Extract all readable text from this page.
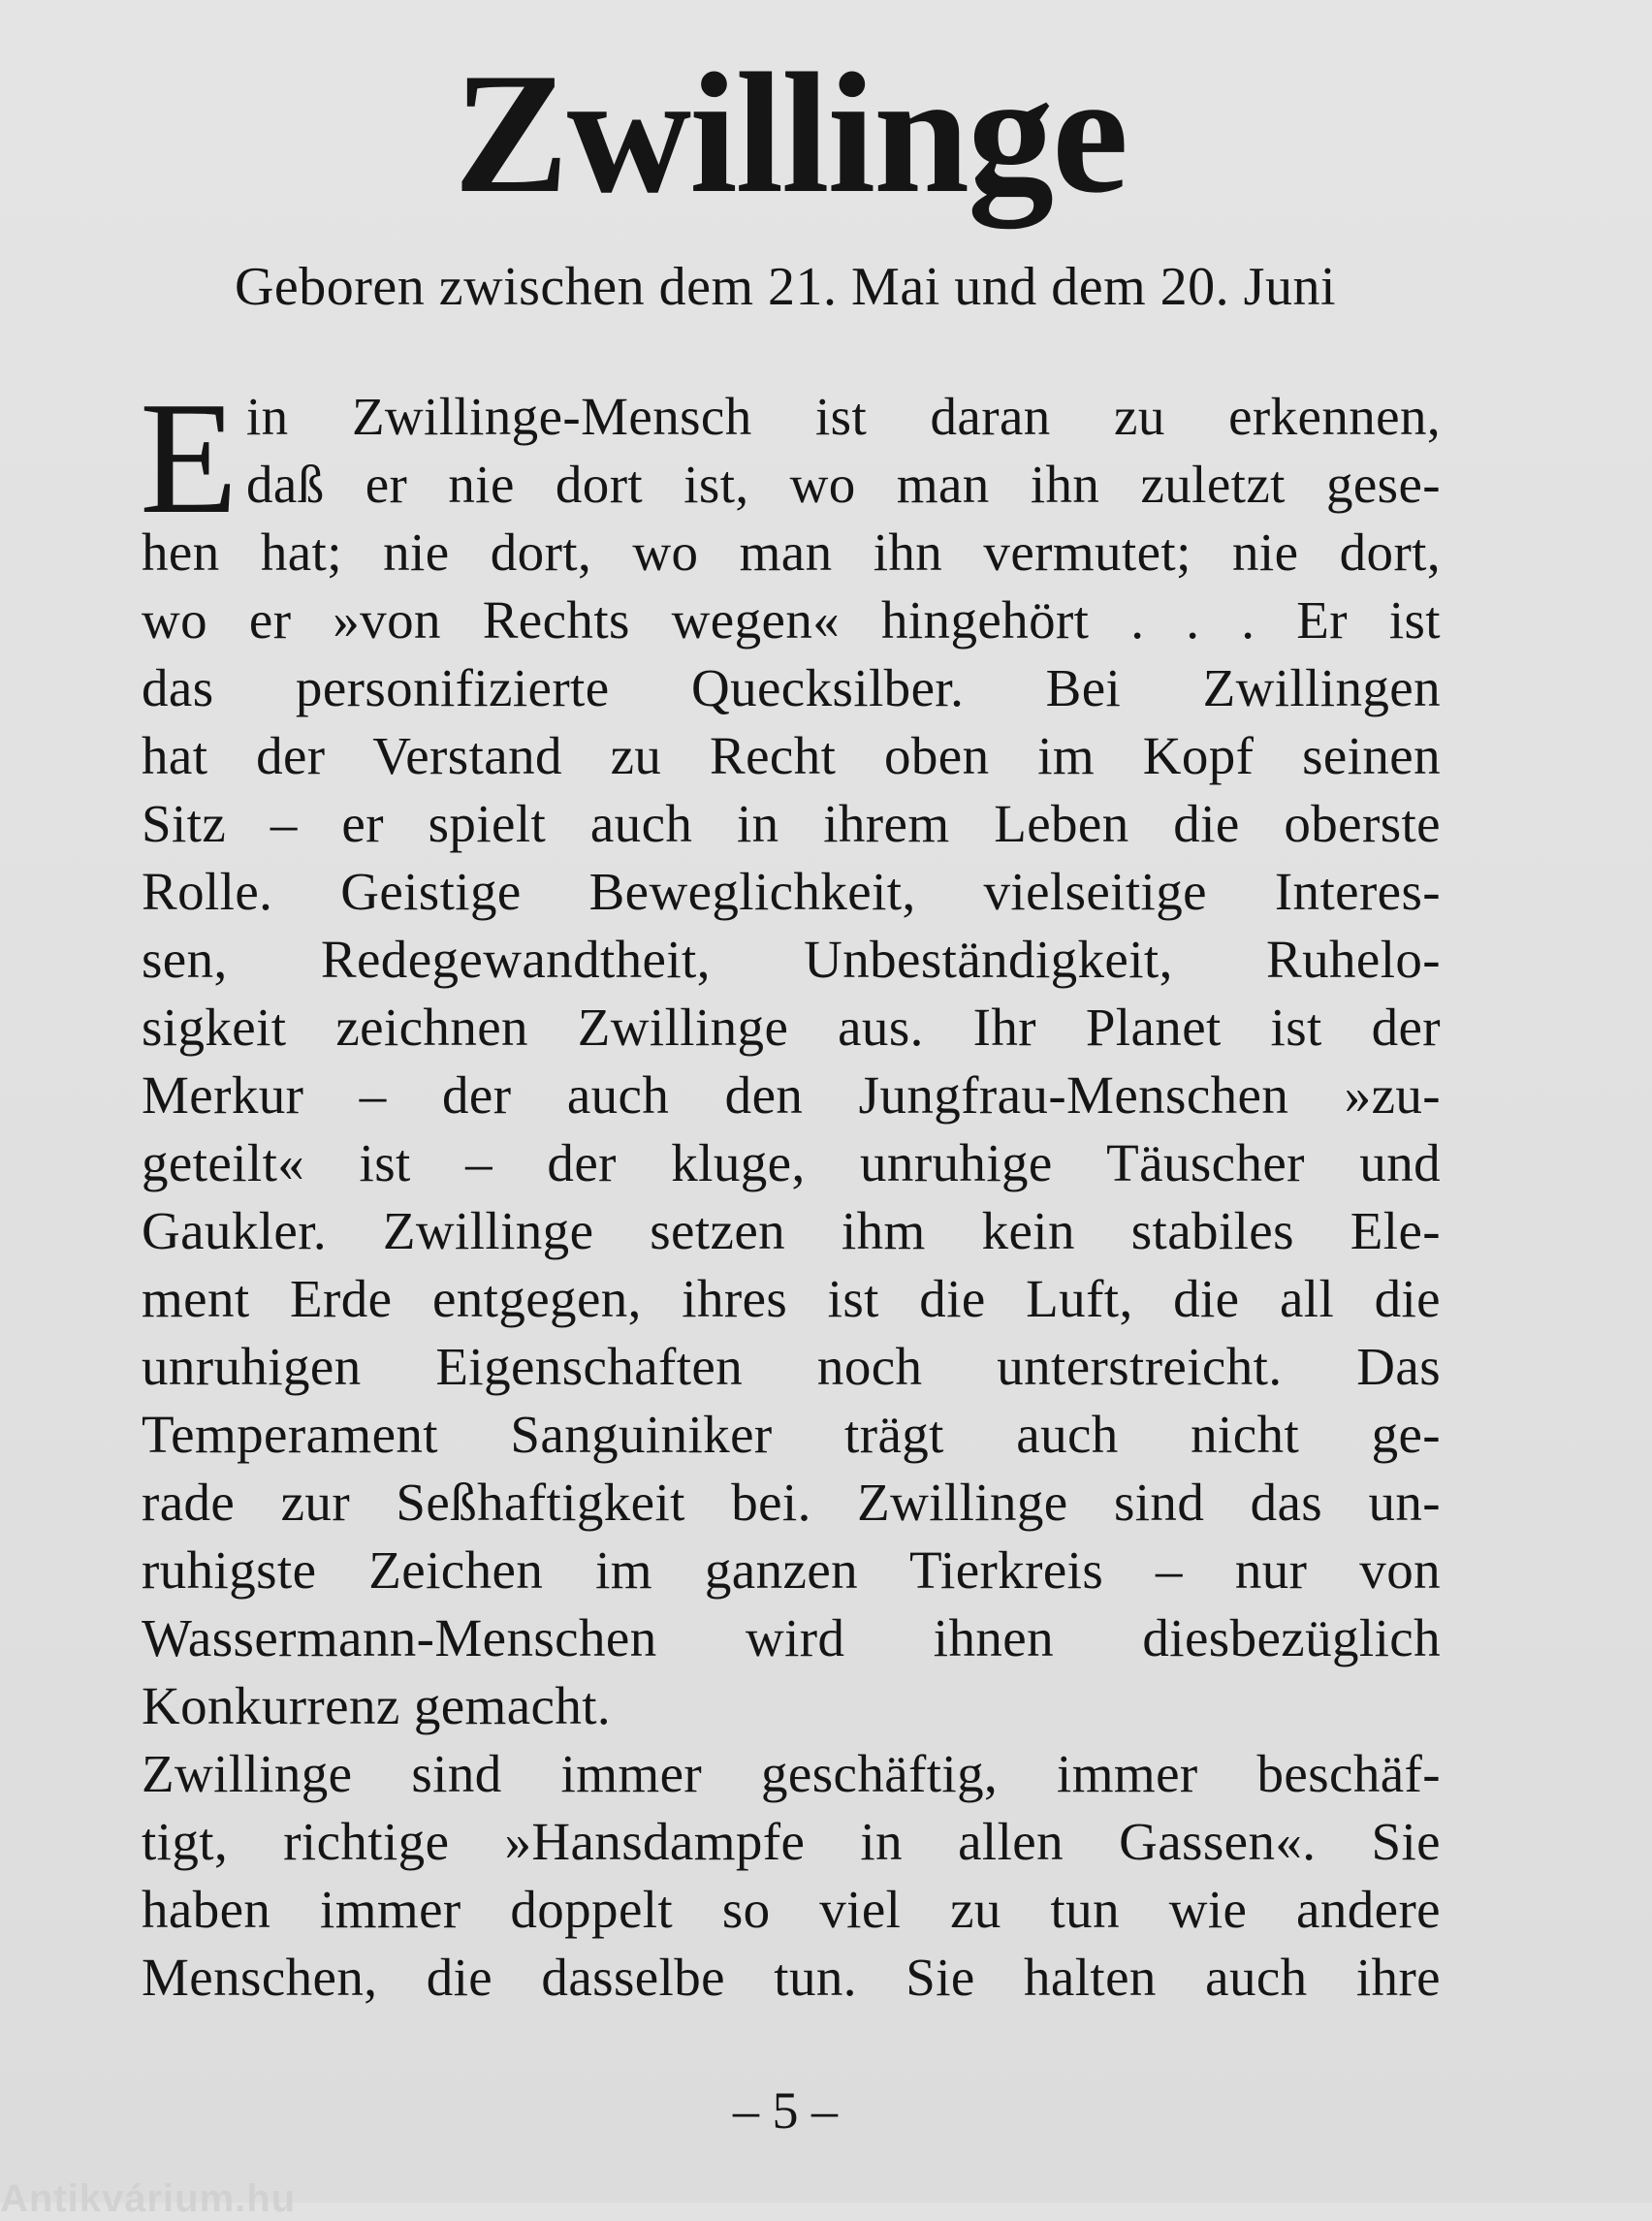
Zwillinge

Geboren zwischen dem 21. Mai und dem 20. Juni

E in Zwillinge-Mensch ist daran zu erkennen,
daß er nie dort ist, wo man ihn zuletzt gese-
hen hat; nie dort, wo man ihn vermutet; nie dort,
wo er »von Rechts wegen« hingehört . . . Er ist
das personifizierte Quecksilber. Bei Zwillingen
hat der Verstand zu Recht oben im Kopf seinen
Sitz – er spielt auch in ihrem Leben die oberste
Rolle. Geistige Beweglichkeit, vielseitige Interes-
sen, Redegewandtheit, Unbeständigkeit, Ruhelo-
sigkeit zeichnen Zwillinge aus. Ihr Planet ist der
Merkur – der auch den Jungfrau-Menschen »zu-
geteilt« ist – der kluge, unruhige Täuscher und
Gaukler. Zwillinge setzen ihm kein stabiles Ele-
ment Erde entgegen, ihres ist die Luft, die all die
unruhigen Eigenschaften noch unterstreicht. Das
Temperament Sanguiniker trägt auch nicht ge-
rade zur Seßhaftigkeit bei. Zwillinge sind das un-
ruhigste Zeichen im ganzen Tierkreis – nur von
Wassermann-Menschen wird ihnen diesbezüglich
Konkurrenz gemacht.
Zwillinge sind immer geschäftig, immer beschäf-
tigt, richtige »Hansdampfe in allen Gassen«. Sie
haben immer doppelt so viel zu tun wie andere
Menschen, die dasselbe tun. Sie halten auch ihre
– 5 –
Antikvárium.hu
